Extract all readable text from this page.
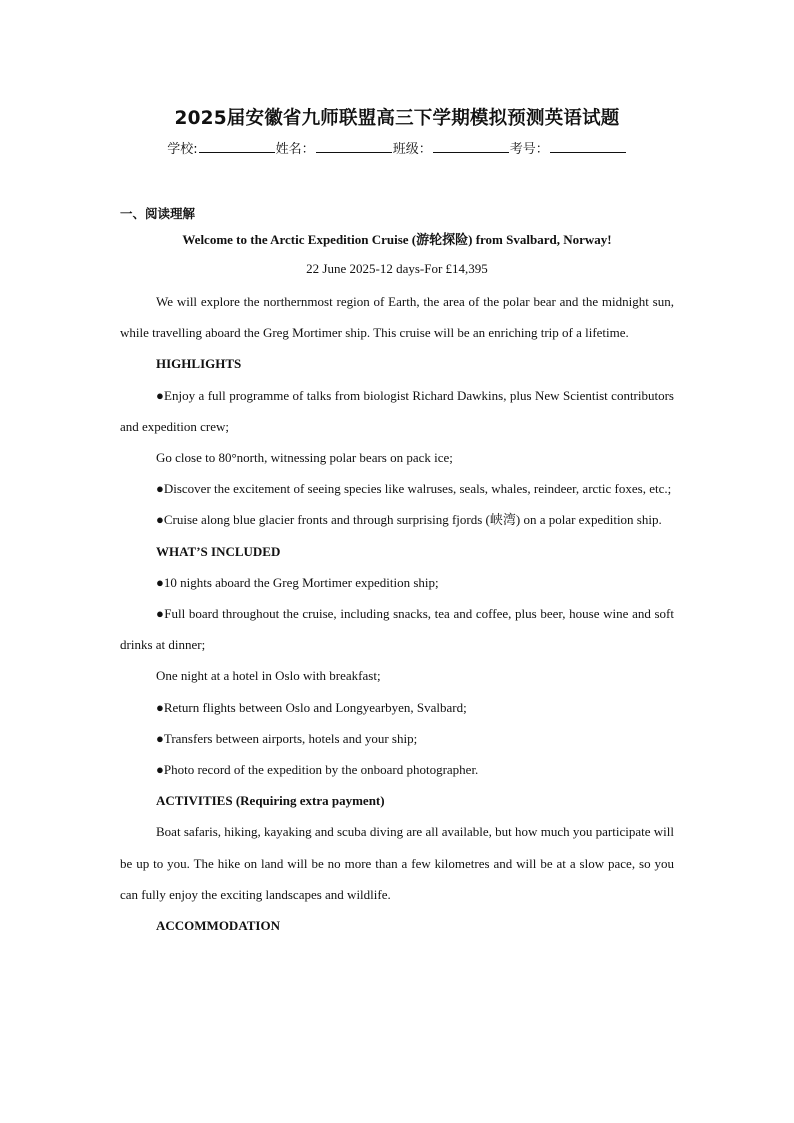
2025届安徽省九师联盟高三下学期模拟预测英语试题
学校:	姓名：	班级：	考号：
一、阅读理解
Welcome to the Arctic Expedition Cruise (游轮探险) from Svalbard, Norway!
22 June 2025-12 days-For £14,395

We will explore the northernmost region of Earth, the area of the polar bear and the midnight sun, while travelling aboard the Greg Mortimer ship. This cruise will be an enriching trip of a lifetime.

HIGHLIGHTS

●Enjoy a full programme of talks from biologist Richard Dawkins, plus New Scientist contributors and expedition crew;

Go close to 80°north, witnessing polar bears on pack ice;

●Discover the excitement of seeing species like walruses, seals, whales, reindeer, arctic foxes, etc.;

●Cruise along blue glacier fronts and through surprising fjords (峡湾) on a polar expedition ship.

WHAT’S INCLUDED

●10 nights aboard the Greg Mortimer expedition ship;

●Full board throughout the cruise, including snacks, tea and coffee, plus beer, house wine and soft drinks at dinner;

One night at a hotel in Oslo with breakfast;

●Return flights between Oslo and Longyearbyen, Svalbard;

●Transfers between airports, hotels and your ship;

●Photo record of the expedition by the onboard photographer.

ACTIVITIES (Requiring extra payment)

Boat safaris, hiking, kayaking and scuba diving are all available, but how much you participate will be up to you. The hike on land will be no more than a few kilometres and will be at a slow pace, so you can fully enjoy the exciting landscapes and wildlife.

ACCOMMODATION
